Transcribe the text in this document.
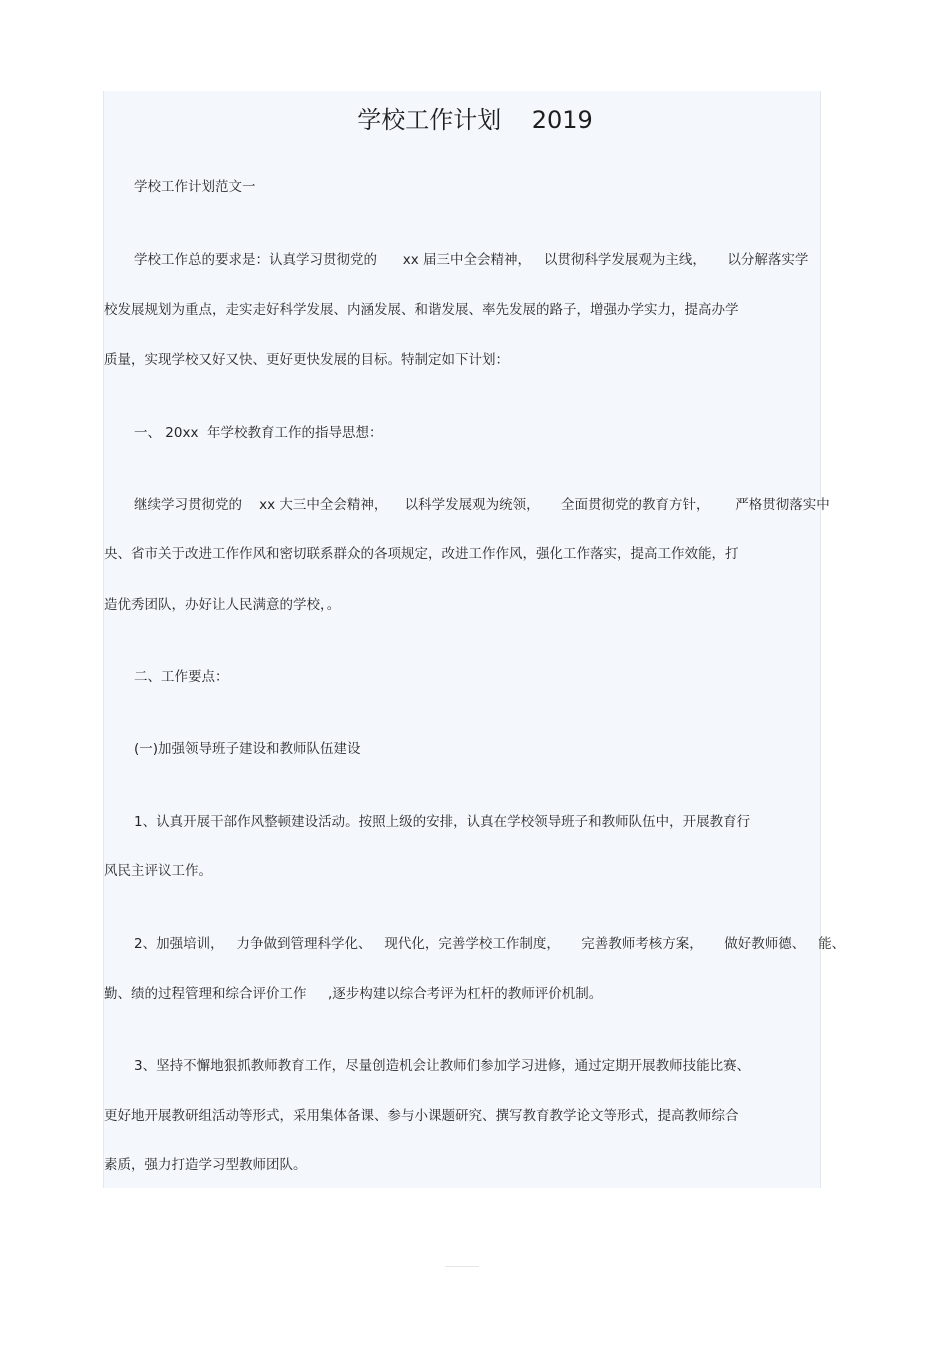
学校工作计划    2019
学校工作计划范文一
学校工作总的要求是：认真学习贯彻党的      xx 届三中全会精神，   以贯彻科学发展观为主线，     以分解落实学
校发展规划为重点，走实走好科学发展、内涵发展、和谐发展、率先发展的路子，增强办学实力，提高办学
质量，实现学校又好又快、更好更快发展的目标。特制定如下计划：
一、 20xx  年学校教育工作的指导思想：
继续学习贯彻党的    xx 大三中全会精神，    以科学发展观为统领，     全面贯彻党的教育方针，      严格贯彻落实中
央、省市关于改进工作作风和密切联系群众的各项规定，改进工作作风，强化工作落实，提高工作效能，打
造优秀团队，办好让人民满意的学校，。
二、工作要点：
(一)加强领导班子建设和教师队伍建设
1、认真开展干部作风整顿建设活动。按照上级的安排，认真在学校领导班子和教师队伍中，开展教育行
风民主评议工作。
2、加强培训，   力争做到管理科学化、   现代化，完善学校工作制度，     完善教师考核方案，     做好教师德、   能、
勤、绩的过程管理和综合评价工作     ,逐步构建以综合考评为杠杆的教师评价机制。
3、坚持不懈地狠抓教师教育工作，尽量创造机会让教师们参加学习进修，通过定期开展教师技能比赛、
更好地开展教研组活动等形式，采用集体备课、参与小课题研究、撰写教育教学论文等形式，提高教师综合
素质，强力打造学习型教师团队。
